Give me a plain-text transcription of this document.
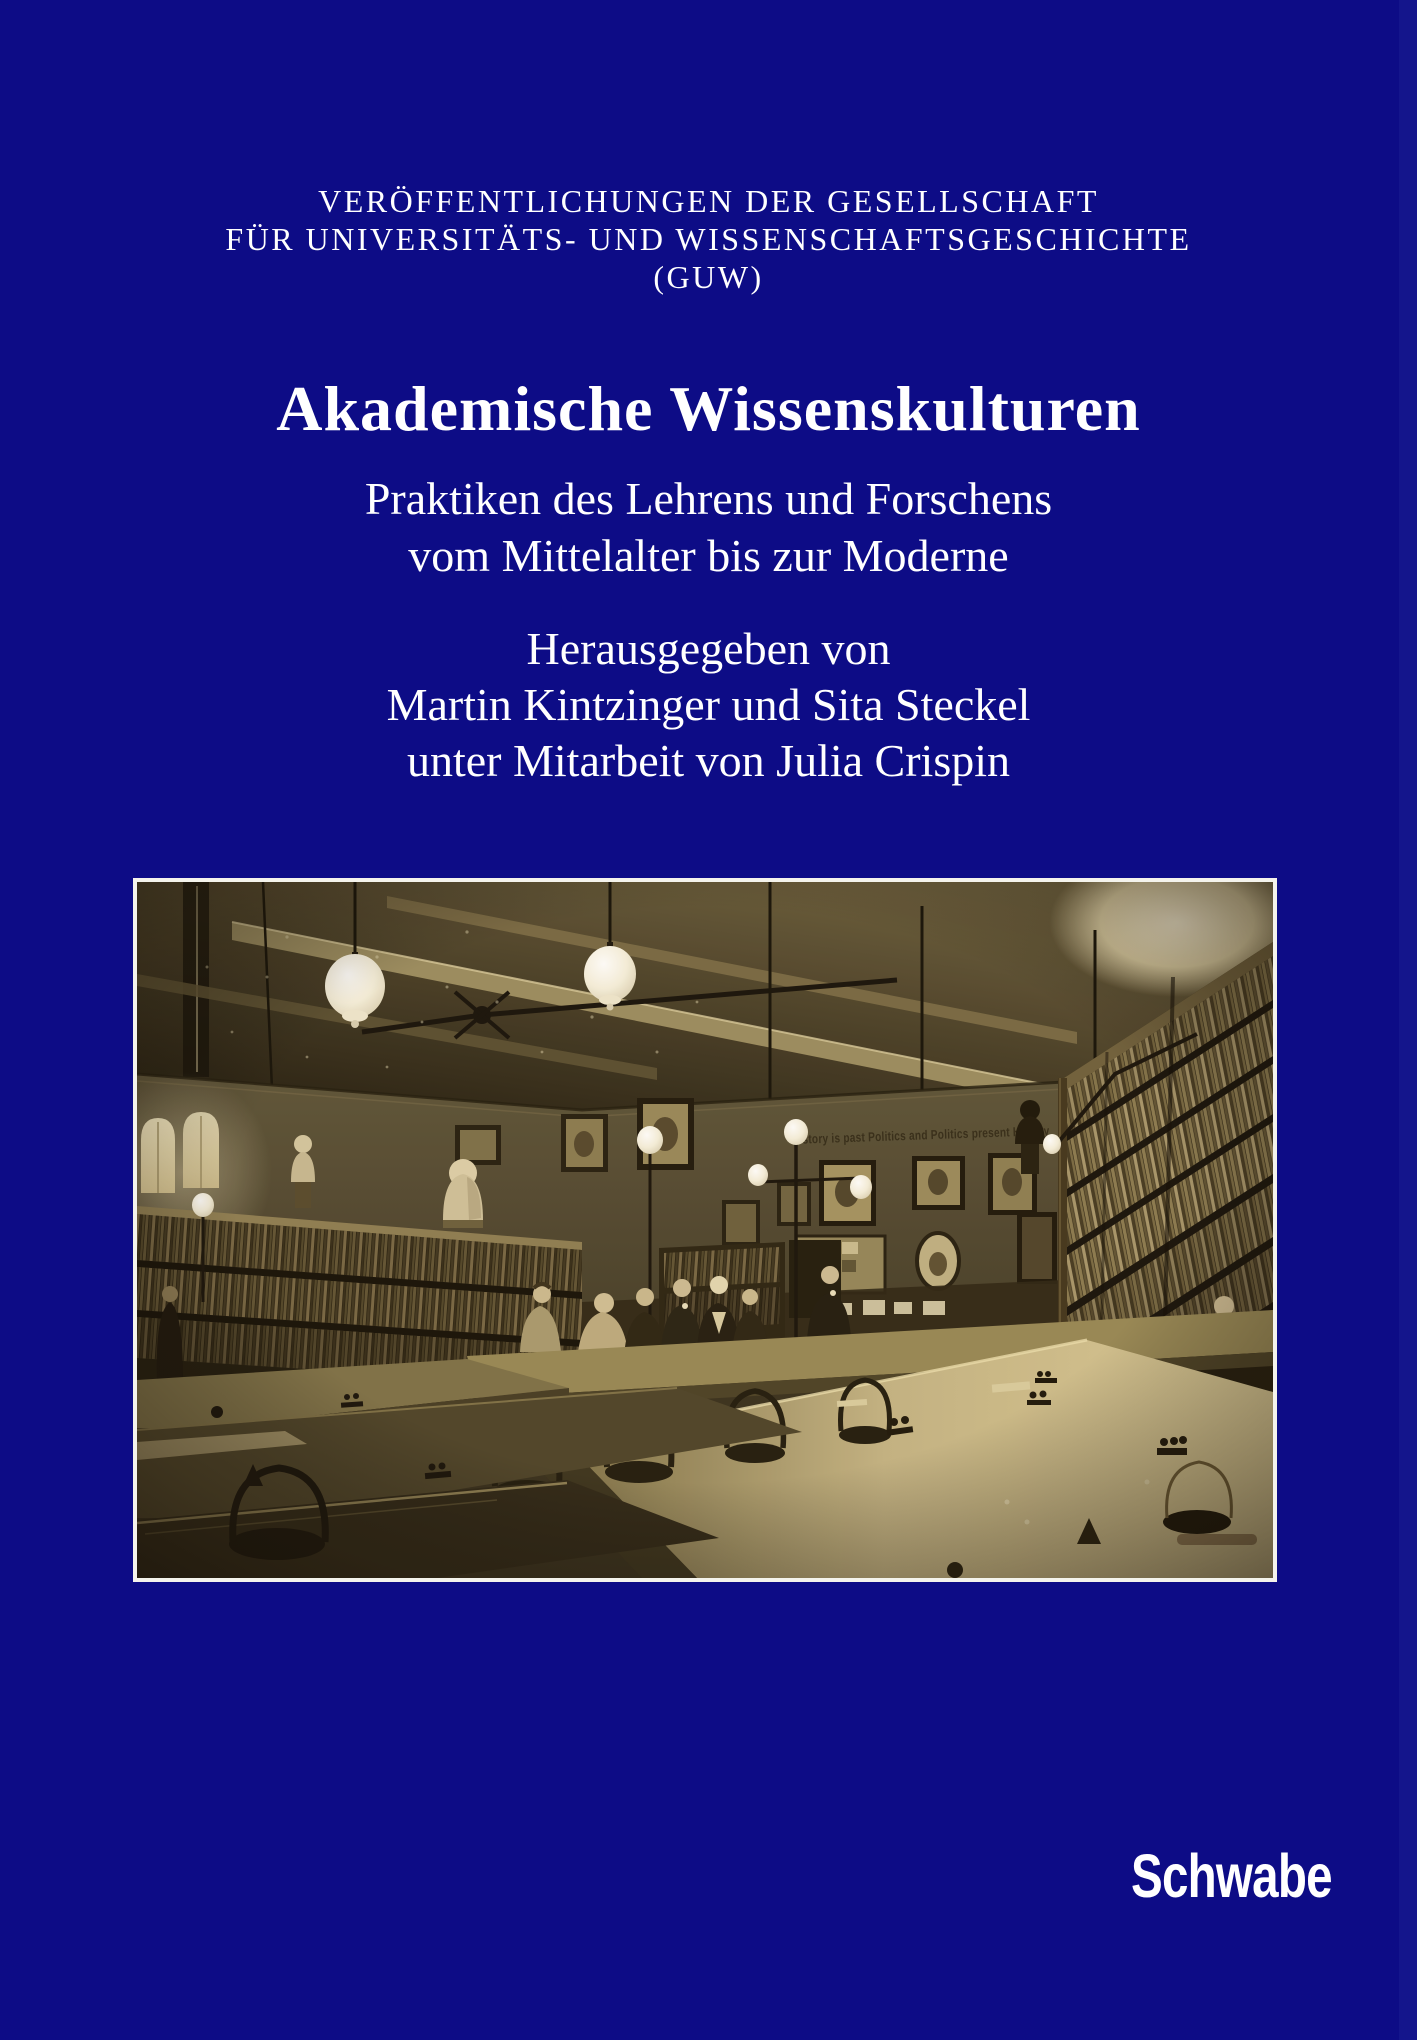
VERÖFFENTLICHUNGEN DER GESELLSCHAFT
FÜR UNIVERSITÄTS- UND WISSENSCHAFTSGESCHICHTE
(GUW)
Akademische Wissenskulturen
Praktiken des Lehrens und Forschens
vom Mittelalter bis zur Moderne
Herausgegeben von
Martin Kintzinger und Sita Steckel
unter Mitarbeit von Julia Crispin
Schwabe
